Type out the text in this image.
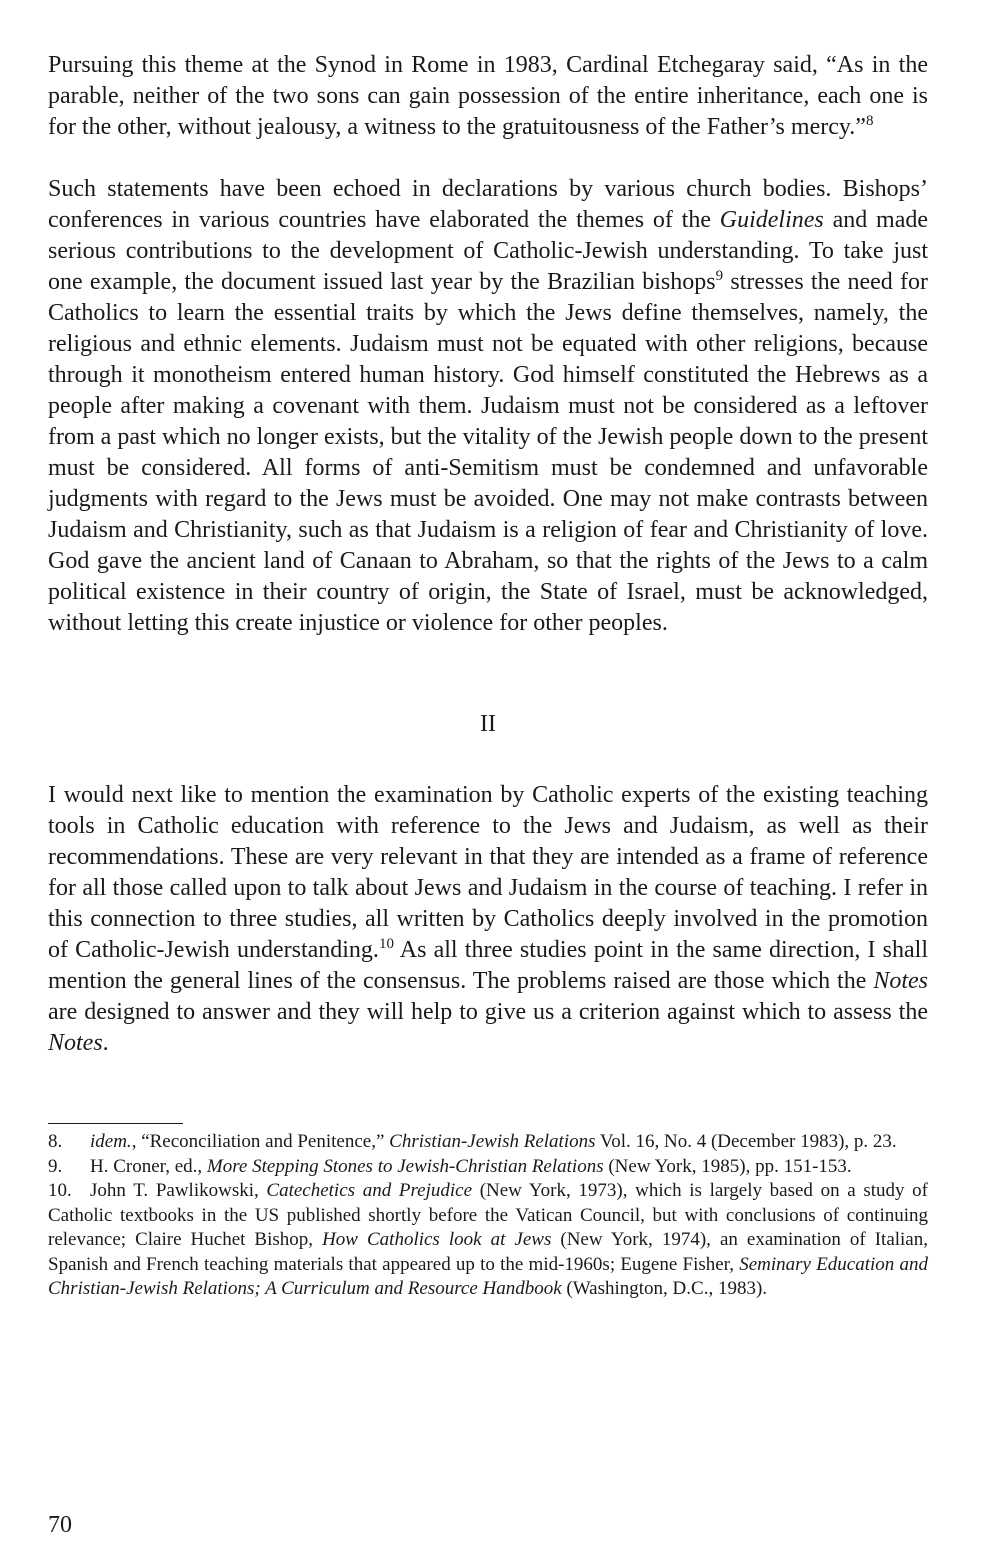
Pursuing this theme at the Synod in Rome in 1983, Cardinal Etchegaray said, “As in the parable, neither of the two sons can gain possession of the entire inheritance, each one is for the other, without jealousy, a witness to the gratuitousness of the Father’s mercy.”$^8$

Such statements have been echoed in declarations by various church bodies. Bishops’ conferences in various countries have elaborated the themes of the Guidelines and made serious contributions to the development of Catholic-Jewish understanding. To take just one example, the document issued last year by the Brazilian bishops$^9$ stresses the need for Catholics to learn the essential traits by which the Jews define themselves, namely, the religious and ethnic elements. Judaism must not be equated with other religions, because through it monotheism entered human history. God himself constituted the Hebrews as a people after making a covenant with them. Judaism must not be considered as a leftover from a past which no longer exists, but the vitality of the Jewish people down to the present must be considered. All forms of anti-Semitism must be condemned and unfavorable judgments with regard to the Jews must be avoided. One may not make contrasts between Judaism and Christianity, such as that Judaism is a religion of fear and Christianity of love. God gave the ancient land of Canaan to Abraham, so that the rights of the Jews to a calm political existence in their country of origin, the State of Israel, must be acknowledged, without letting this create injustice or violence for other peoples.

II

I would next like to mention the examination by Catholic experts of the existing teaching tools in Catholic education with reference to the Jews and Judaism, as well as their recommendations. These are very relevant in that they are intended as a frame of reference for all those called upon to talk about Jews and Judaism in the course of teaching. I refer in this connection to three studies, all written by Catholics deeply involved in the promotion of Catholic-Jewish understanding.$^{10}$ As all three studies point in the same direction, I shall mention the general lines of the consensus. The problems raised are those which the Notes are designed to answer and they will help to give us a criterion against which to assess the Notes.

8. idem., “Reconciliation and Penitence,” Christian-Jewish Relations Vol. 16, No. 4 (December 1983), p. 23.

9. H. Croner, ed., More Stepping Stones to Jewish-Christian Relations (New York, 1985), pp. 151-153.

10. John T. Pawlikowski, Catechetics and Prejudice (New York, 1973), which is largely based on a study of Catholic textbooks in the US published shortly before the Vatican Council, but with conclusions of continuing relevance; Claire Huchet Bishop, How Catholics look at Jews (New York, 1974), an examination of Italian, Spanish and French teaching materials that appeared up to the mid-1960s; Eugene Fisher, Seminary Education and Christian-Jewish Relations; A Curriculum and Resource Handbook (Washington, D.C., 1983).

70
